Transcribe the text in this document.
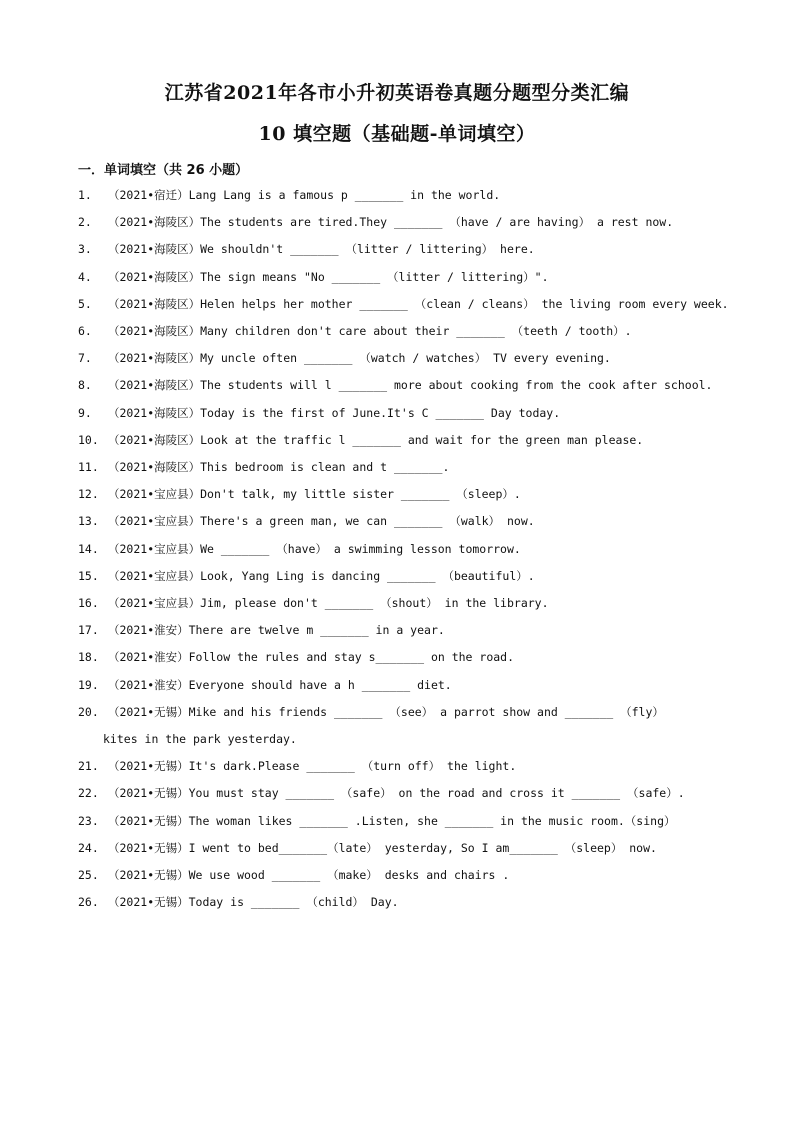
江苏省2021年各市小升初英语卷真题分题型分类汇编
10 填空题（基础题-单词填空）
一．单词填空（共 26 小题）
1. （2021•宿迁）Lang Lang is a famous p _______ in the world.
2. （2021•海陵区）The students are tired.They _______ （have / are having） a rest now.
3. （2021•海陵区）We shouldn't _______ （litter / littering） here.
4. （2021•海陵区）The sign means "No _______ （litter / littering）".
5. （2021•海陵区）Helen helps her mother _______ （clean / cleans） the living room every week.
6. （2021•海陵区）Many children don't care about their _______ （teeth / tooth）.
7. （2021•海陵区）My uncle often _______ （watch / watches） TV every evening.
8. （2021•海陵区）The students will l _______ more about cooking from the cook after school.
9. （2021•海陵区）Today is the first of June.It's C _______ Day today.
10. （2021•海陵区）Look at the traffic l _______ and wait for the green man please.
11. （2021•海陵区）This bedroom is clean and t _______.
12. （2021•宝应县）Don't talk, my little sister _______ （sleep）.
13. （2021•宝应县）There's a green man, we can _______ （walk） now.
14. （2021•宝应县）We _______ （have） a swimming lesson tomorrow.
15. （2021•宝应县）Look, Yang Ling is dancing _______ （beautiful）.
16. （2021•宝应县）Jim, please don't _______ （shout） in the library.
17. （2021•淮安）There are twelve m _______ in a year.
18. （2021•淮安）Follow the rules and stay s_______ on the road.
19. （2021•淮安）Everyone should have a h _______ diet.
20. （2021•无锡）Mike and his friends _______ （see） a parrot show and _______ （fly）
kites in the park yesterday.
21. （2021•无锡）It's dark.Please _______ （turn off） the light.
22. （2021•无锡）You must stay _______ （safe） on the road and cross it _______ （safe）.
23. （2021•无锡）The woman likes _______ .Listen, she _______ in the music room.（sing）
24. （2021•无锡）I went to bed_______（late） yesterday, So I am_______ （sleep） now.
25. （2021•无锡）We use wood _______ （make） desks and chairs .
26. （2021•无锡）Today is _______ （child） Day.
